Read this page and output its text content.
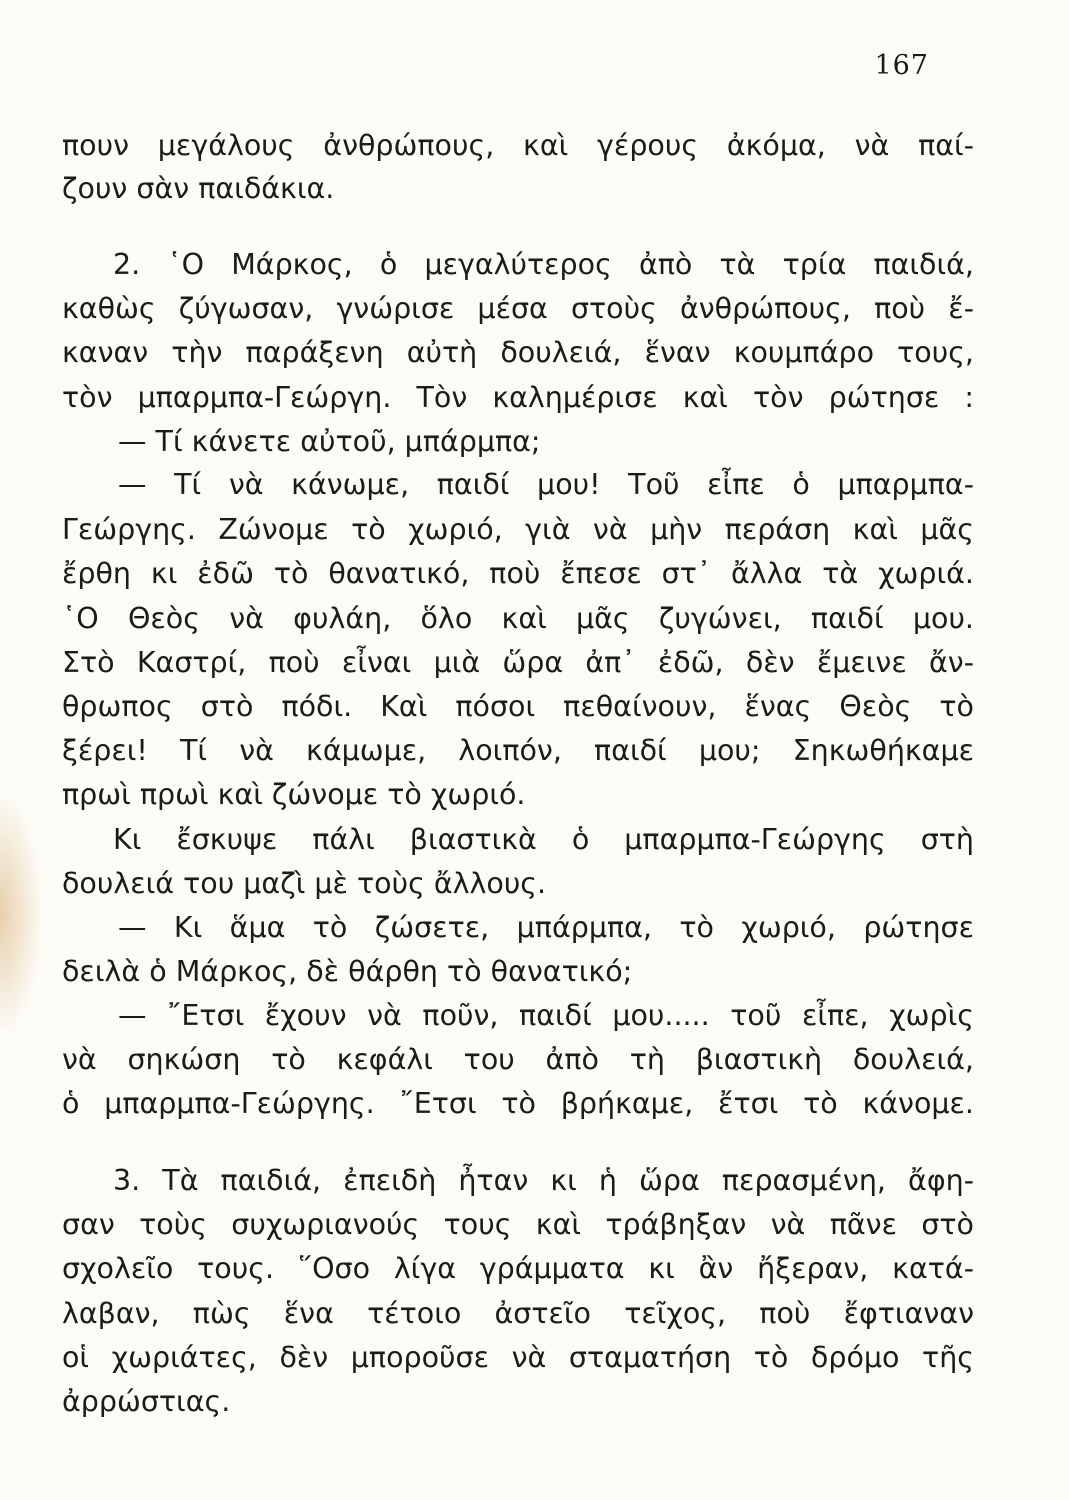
167
πουν μεγάλους ἀνθρώπους, καὶ γέρους ἀκόμα, νὰ παί-
ζουν σὰν παιδάκια.
2. ῾Ο Μάρκος, ὁ μεγαλύτερος ἀπὸ τὰ τρία παιδιά,
καθὼς ζύγωσαν, γνώρισε μέσα στοὺς ἀνθρώπους, ποὺ ἔ-
καναν τὴν παράξενη αὐτὴ δουλειά, ἕναν κουμπάρο τους,
τὸν μπαρμπα-Γεώργη. Τὸν καλημέρισε καὶ τὸν ρώτησε :
— Τί κάνετε αὐτοῦ, μπάρμπα;
— Τί νὰ κάνωμε, παιδί μου! Τοῦ εἶπε ὁ μπαρμπα-
Γεώργης. Ζώνομε τὸ χωριό, γιὰ νὰ μὴν περάση καὶ μᾶς
ἔρθη κι ἐδῶ τὸ θανατικό, ποὺ ἔπεσε στ᾽ ἄλλα τὰ χωριά.
῾Ο Θεὸς νὰ φυλάη, ὅλο καὶ μᾶς ζυγώνει, παιδί μου.
Στὸ Καστρί, ποὺ εἶναι μιὰ ὥρα ἀπ᾽ ἐδῶ, δὲν ἔμεινε ἄν-
θρωπος στὸ πόδι. Καὶ πόσοι πεθαίνουν, ἕνας Θεὸς τὸ
ξέρει! Τί νὰ κάμωμε, λοιπόν, παιδί μου; Σηκωθήκαμε
πρωὶ πρωὶ καὶ ζώνομε τὸ χωριό.
Κι ἔσκυψε πάλι βιαστικὰ ὁ μπαρμπα-Γεώργης στὴ
δουλειά του μαζὶ μὲ τοὺς ἄλλους.
— Κι ἅμα τὸ ζώσετε, μπάρμπα, τὸ χωριό, ρώτησε
δειλὰ ὁ Μάρκος, δὲ θάρθη τὸ θανατικό;
— ῎Ετσι ἔχουν νὰ ποῦν, παιδί μου..... τοῦ εἶπε, χωρὶς
νὰ σηκώση τὸ κεφάλι του ἀπὸ τὴ βιαστικὴ δουλειά,
ὁ μπαρμπα-Γεώργης. ῎Ετσι τὸ βρήκαμε, ἔτσι τὸ κάνομε.
3. Τὰ παιδιά, ἐπειδὴ ἦταν κι ἡ ὥρα περασμένη, ἄφη-
σαν τοὺς συχωριανούς τους καὶ τράβηξαν νὰ πᾶνε στὸ
σχολεῖο τους. ῞Οσο λίγα γράμματα κι ἂν ἤξεραν, κατά-
λαβαν, πὼς ἕνα τέτοιο ἀστεῖο τεῖχος, ποὺ ἔφτιαναν
οἱ χωριάτες, δὲν μποροῦσε νὰ σταματήση τὸ δρόμο τῆς
ἀρρώστιας.
